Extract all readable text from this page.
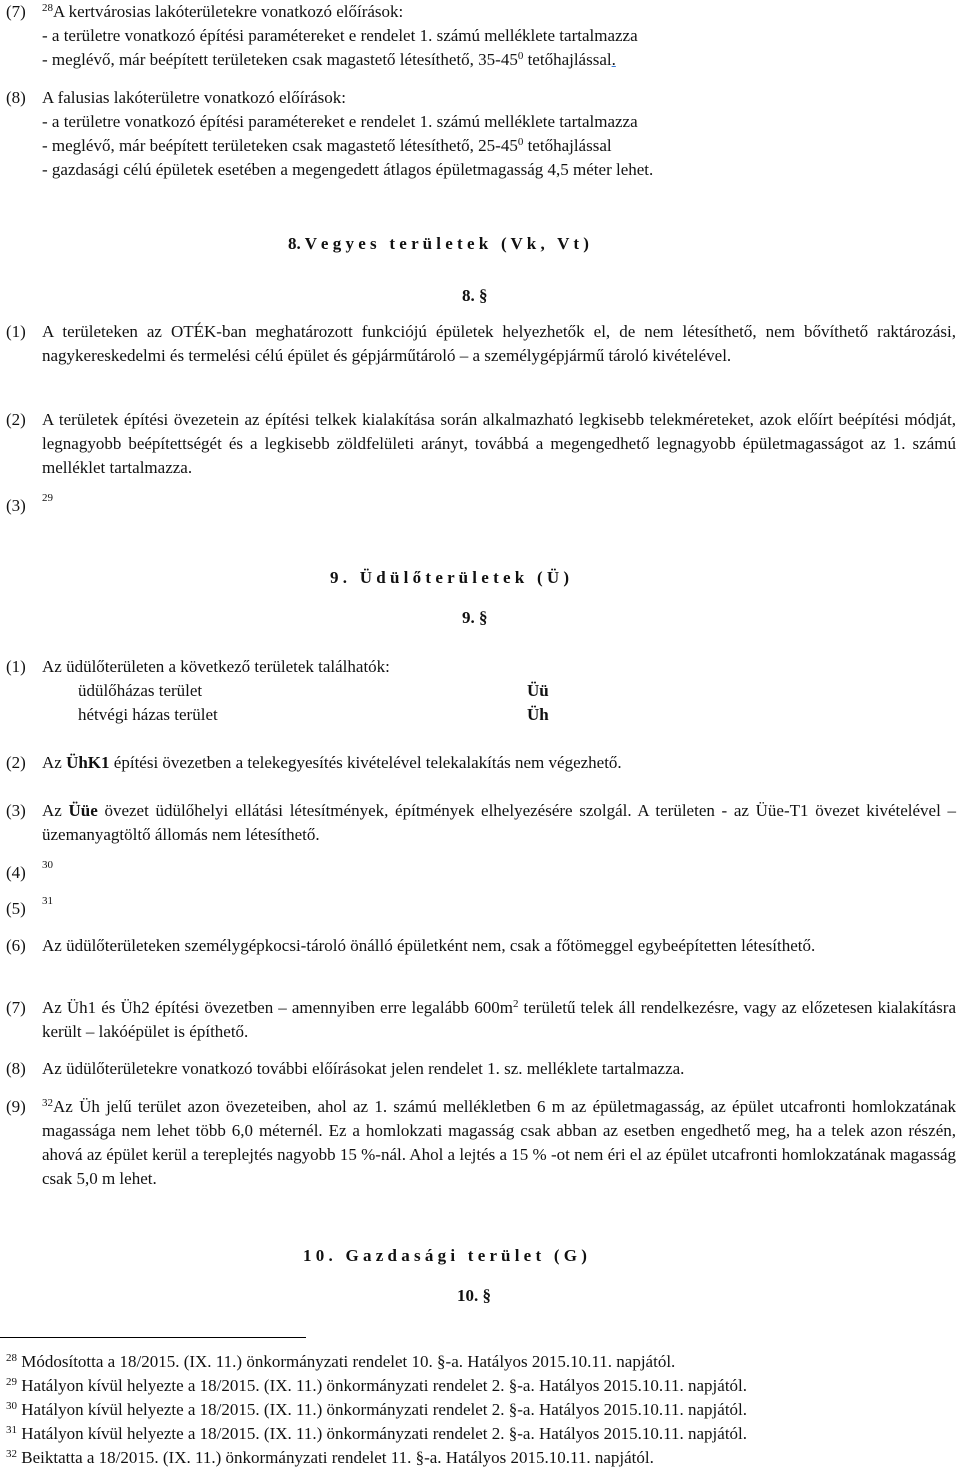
(7) $^{28}$A kertvárosias lakóterületekre vonatkozó előírások:
- a területre vonatkozó építési paramétereket e rendelet 1. számú melléklete tartalmazza
- meglévő, már beépített területeken csak magastető létesíthető, $35-45^0$ tetőhajlással.
(8) A falusias lakóterületre vonatkozó előírások:
- a területre vonatkozó építési paramétereket e rendelet 1. számú melléklete tartalmazza
- meglévő, már beépített területeken csak magastető létesíthető, $25-45^0$ tetőhajlással
- gazdasági célú épületek esetében a megengedett átlagos épületmagasság 4,5 méter lehet.
8. V e g y e s   t e r ü l e t e k   ( V k ,   V t )
8. §
(1) A területeken az OTÉK-ban meghatározott funkciójú épületek helyezhetők el, de nem létesíthető, nem bővíthető raktározási, nagykereskedelmi és termelési célú épület és gépjárműtároló – a személygépjármű tároló kivételével.
(2) A területek építési övezetein az építési telkek kialakítása során alkalmazható legkisebb telekméreteket, azok előírt beépítési módját, legnagyobb beépítettségét és a legkisebb zöldfelületi arányt, továbbá a megengedhető legnagyobb épületmagasságot az 1. számú melléklet tartalmazza.
(3) 29
9 .   Ü d ü l ő t e r ü l e t e k   ( Ü )
9. §
(1) Az üdülőterületen a következő területek találhatók:
üdülőházas terület	Üü
hétvégi házas terület	Üh
(2) Az ÜhK1 építési övezetben a telekegyesítés kivételével telekalakítás nem végezhető.
(3) Az Üüe övezet üdülőhelyi ellátási létesítmények, építmények elhelyezésére szolgál. A területen - az Üüe-T1 övezet kivételével – üzemanyagtöltő állomás nem létesíthető.
(4) 30
(5) 31
(6) Az üdülőterületeken személygépkocsi-tároló önálló épületként nem, csak a főtömeggel egybeépítetten létesíthető.
(7) Az Üh1 és Üh2 építési övezetben – amennyiben erre legalább $600m^2$ területű telek áll rendelkezésre, vagy az előzetesen kialakításra került – lakóépület is építhető.
(8) Az üdülőterületekre vonatkozó további előírásokat jelen rendelet 1. sz. melléklete tartalmazza.
(9) $^{32}$Az Üh jelű terület azon övezeteiben, ahol az 1. számú mellékletben 6 m az épületmagasság, az épület utcafronti homlokzatának magassága nem lehet több 6,0 méternél. Ez a homlokzati magasság csak abban az esetben engedhető meg, ha a telek azon részén, ahová az épület kerül a tereplejtés nagyobb 15 %-nál. Ahol a lejtés a 15 % -ot nem éri el az épület utcafronti homlokzatának magasság csak 5,0 m lehet.
1 0 .   G a z d a s á g i   t e r ü l e t   ( G )
10. §
$^{28}$ Módosította a 18/2015. (IX. 11.) önkormányzati rendelet 10. §-a. Hatályos 2015.10.11. napjától.
$^{29}$ Hatályon kívül helyezte a 18/2015. (IX. 11.) önkormányzati rendelet 2. §-a. Hatályos 2015.10.11. napjától.
$^{30}$ Hatályon kívül helyezte a 18/2015. (IX. 11.) önkormányzati rendelet 2. §-a. Hatályos 2015.10.11. napjától.
$^{31}$ Hatályon kívül helyezte a 18/2015. (IX. 11.) önkormányzati rendelet 2. §-a. Hatályos 2015.10.11. napjától.
$^{32}$ Beiktatta a 18/2015. (IX. 11.) önkormányzati rendelet 11. §-a. Hatályos 2015.10.11. napjától.
